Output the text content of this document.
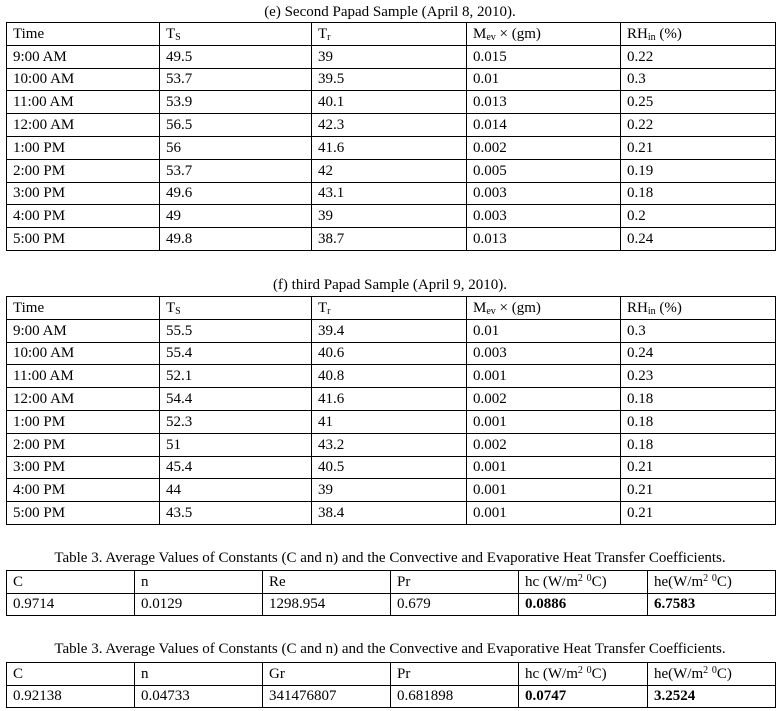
(e) Second Papad Sample (April 8, 2010).
Time	$T_S$	$T_r$	$M_{ev} \times (gm)$	$RH_{in}$ (%)
9:00 AM	49.5	39	0.015	0.22
10:00 AM	53.7	39.5	0.01	0.3
11:00 AM	53.9	40.1	0.013	0.25
12:00 AM	56.5	42.3	0.014	0.22
1:00 PM	56	41.6	0.002	0.21
2:00 PM	53.7	42	0.005	0.19
3:00 PM	49.6	43.1	0.003	0.18
4:00 PM	49	39	0.003	0.2
5:00 PM	49.8	38.7	0.013	0.24
(f) third Papad Sample (April 9, 2010).
Time	$T_S$	$T_r$	$M_{ev} \times (gm)$	$RH_{in}$ (%)
9:00 AM	55.5	39.4	0.01	0.3
10:00 AM	55.4	40.6	0.003	0.24
11:00 AM	52.1	40.8	0.001	0.23
12:00 AM	54.4	41.6	0.002	0.18
1:00 PM	52.3	41	0.001	0.18
2:00 PM	51	43.2	0.002	0.18
3:00 PM	45.4	40.5	0.001	0.21
4:00 PM	44	39	0.001	0.21
5:00 PM	43.5	38.4	0.001	0.21
Table 3. Average Values of Constants (C and n) and the Convective and Evaporative Heat Transfer Coefficients.
C	n	Re	Pr	hc ($W/m^2$ $^0$C)	$he(W/m^2$ $^0$C)
0.9714	0.0129	1298.954	0.679	0.0886	6.7583
Table 3. Average Values of Constants (C and n) and the Convective and Evaporative Heat Transfer Coefficients.
C	n	Gr	Pr	hc ($W/m^2$ $^0$C)	$he(W/m^2$ $^0$C)
0.92138	0.04733	341476807	0.681898	0.0747	3.2524
